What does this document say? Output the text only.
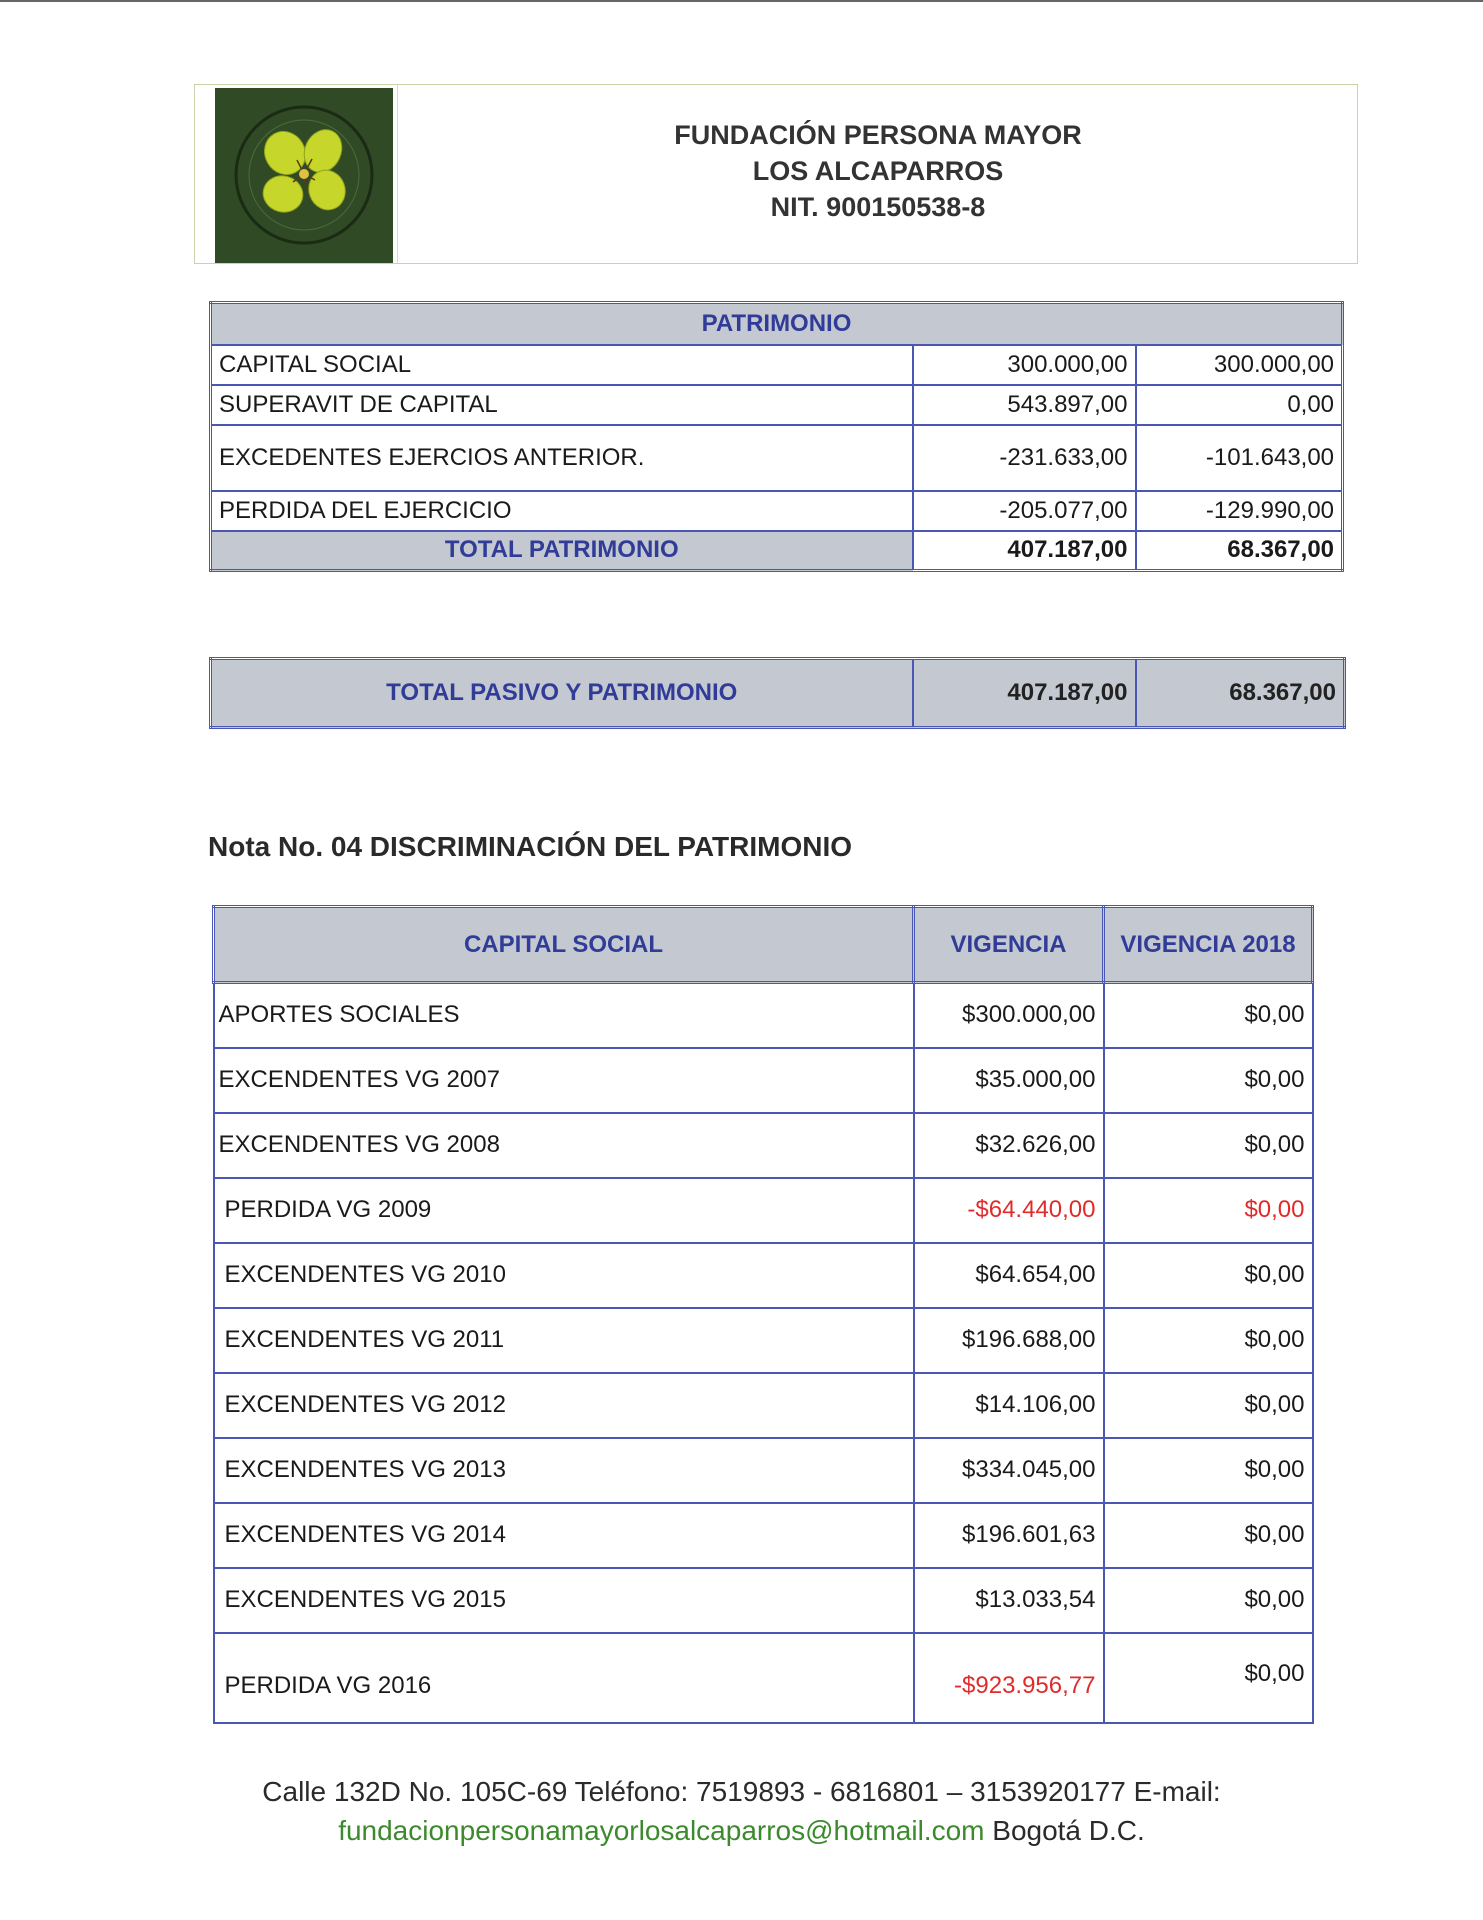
FUNDACIÓN PERSONA MAYOR
LOS ALCAPARROS
NIT. 900150538-8
PATRIMONIO		
CAPITAL SOCIAL	300.000,00	300.000,00
SUPERAVIT DE CAPITAL	543.897,00	0,00
EXCEDENTES EJERCIOS ANTERIOR.	-231.633,00	-101.643,00
PERDIDA DEL EJERCICIO	-205.077,00	-129.990,00
TOTAL PATRIMONIO	407.187,00	68.367,00
TOTAL PASIVO Y PATRIMONIO	407.187,00	68.367,00
Nota No. 04 DISCRIMINACIÓN DEL PATRIMONIO
CAPITAL SOCIAL	VIGENCIA	VIGENCIA 2018
APORTES SOCIALES	$300.000,00	$0,00
EXCENDENTES VG 2007	$35.000,00	$0,00
EXCENDENTES VG 2008	$32.626,00	$0,00
PERDIDA VG 2009	-$64.440,00	$0,00
EXCENDENTES VG 2010	$64.654,00	$0,00
EXCENDENTES VG 2011	$196.688,00	$0,00
EXCENDENTES VG 2012	$14.106,00	$0,00
EXCENDENTES VG 2013	$334.045,00	$0,00
EXCENDENTES VG 2014	$196.601,63	$0,00
EXCENDENTES VG 2015	$13.033,54	$0,00
PERDIDA VG 2016	-$923.956,77	$0,00
Calle 132D No. 105C-69 Teléfono: 7519893 - 6816801 – 3153920177 E-mail:
fundacionpersonamayorlosalcaparros@hotmail.com Bogotá D.C.
